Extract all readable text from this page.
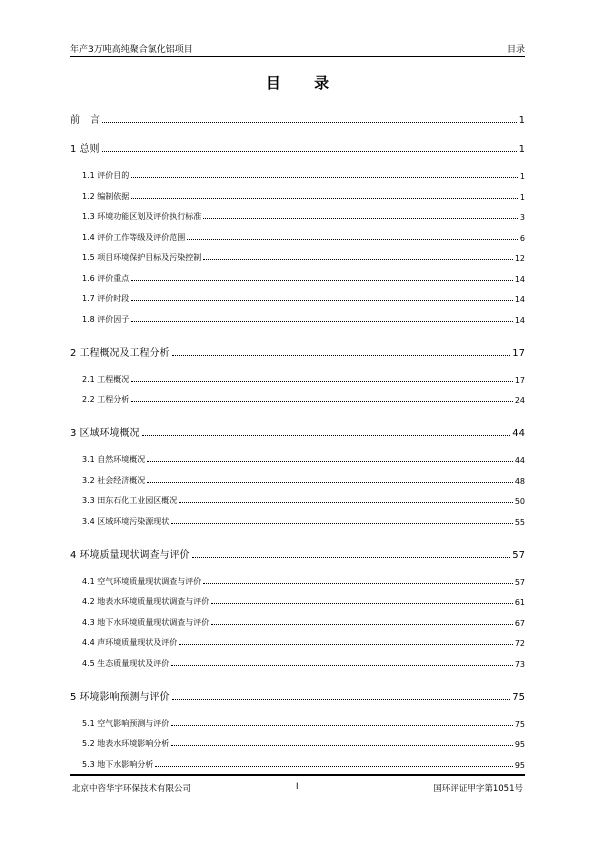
年产3万吨高纯聚合氯化铝项目	目录
目 录
前　言	1
1 总则	1
1.1 评价目的	1
1.2 编制依据	1
1.3 环境功能区划及评价执行标准	3
1.4 评价工作等级及评价范围	6
1.5 项目环境保护目标及污染控制	12
1.6 评价重点	14
1.7 评价时段	14
1.8 评价因子	14
2 工程概况及工程分析	17
2.1 工程概况	17
2.2 工程分析	24
3 区域环境概况	44
3.1 自然环境概况	44
3.2 社会经济概况	48
3.3 田东石化工业园区概况	50
3.4 区域环境污染源现状	55
4 环境质量现状调查与评价	57
4.1 空气环境质量现状调查与评价	57
4.2 地表水环境质量现状调查与评价	61
4.3 地下水环境质量现状调查与评价	67
4.4 声环境质量现状及评价	72
4.5 生态质量现状及评价	73
5 环境影响预测与评价	75
5.1 空气影响预测与评价	75
5.2 地表水环境影响分析	95
5.3 地下水影响分析	95
北京中咨华宇环保技术有限公司	I	国环评证甲字第1051号
